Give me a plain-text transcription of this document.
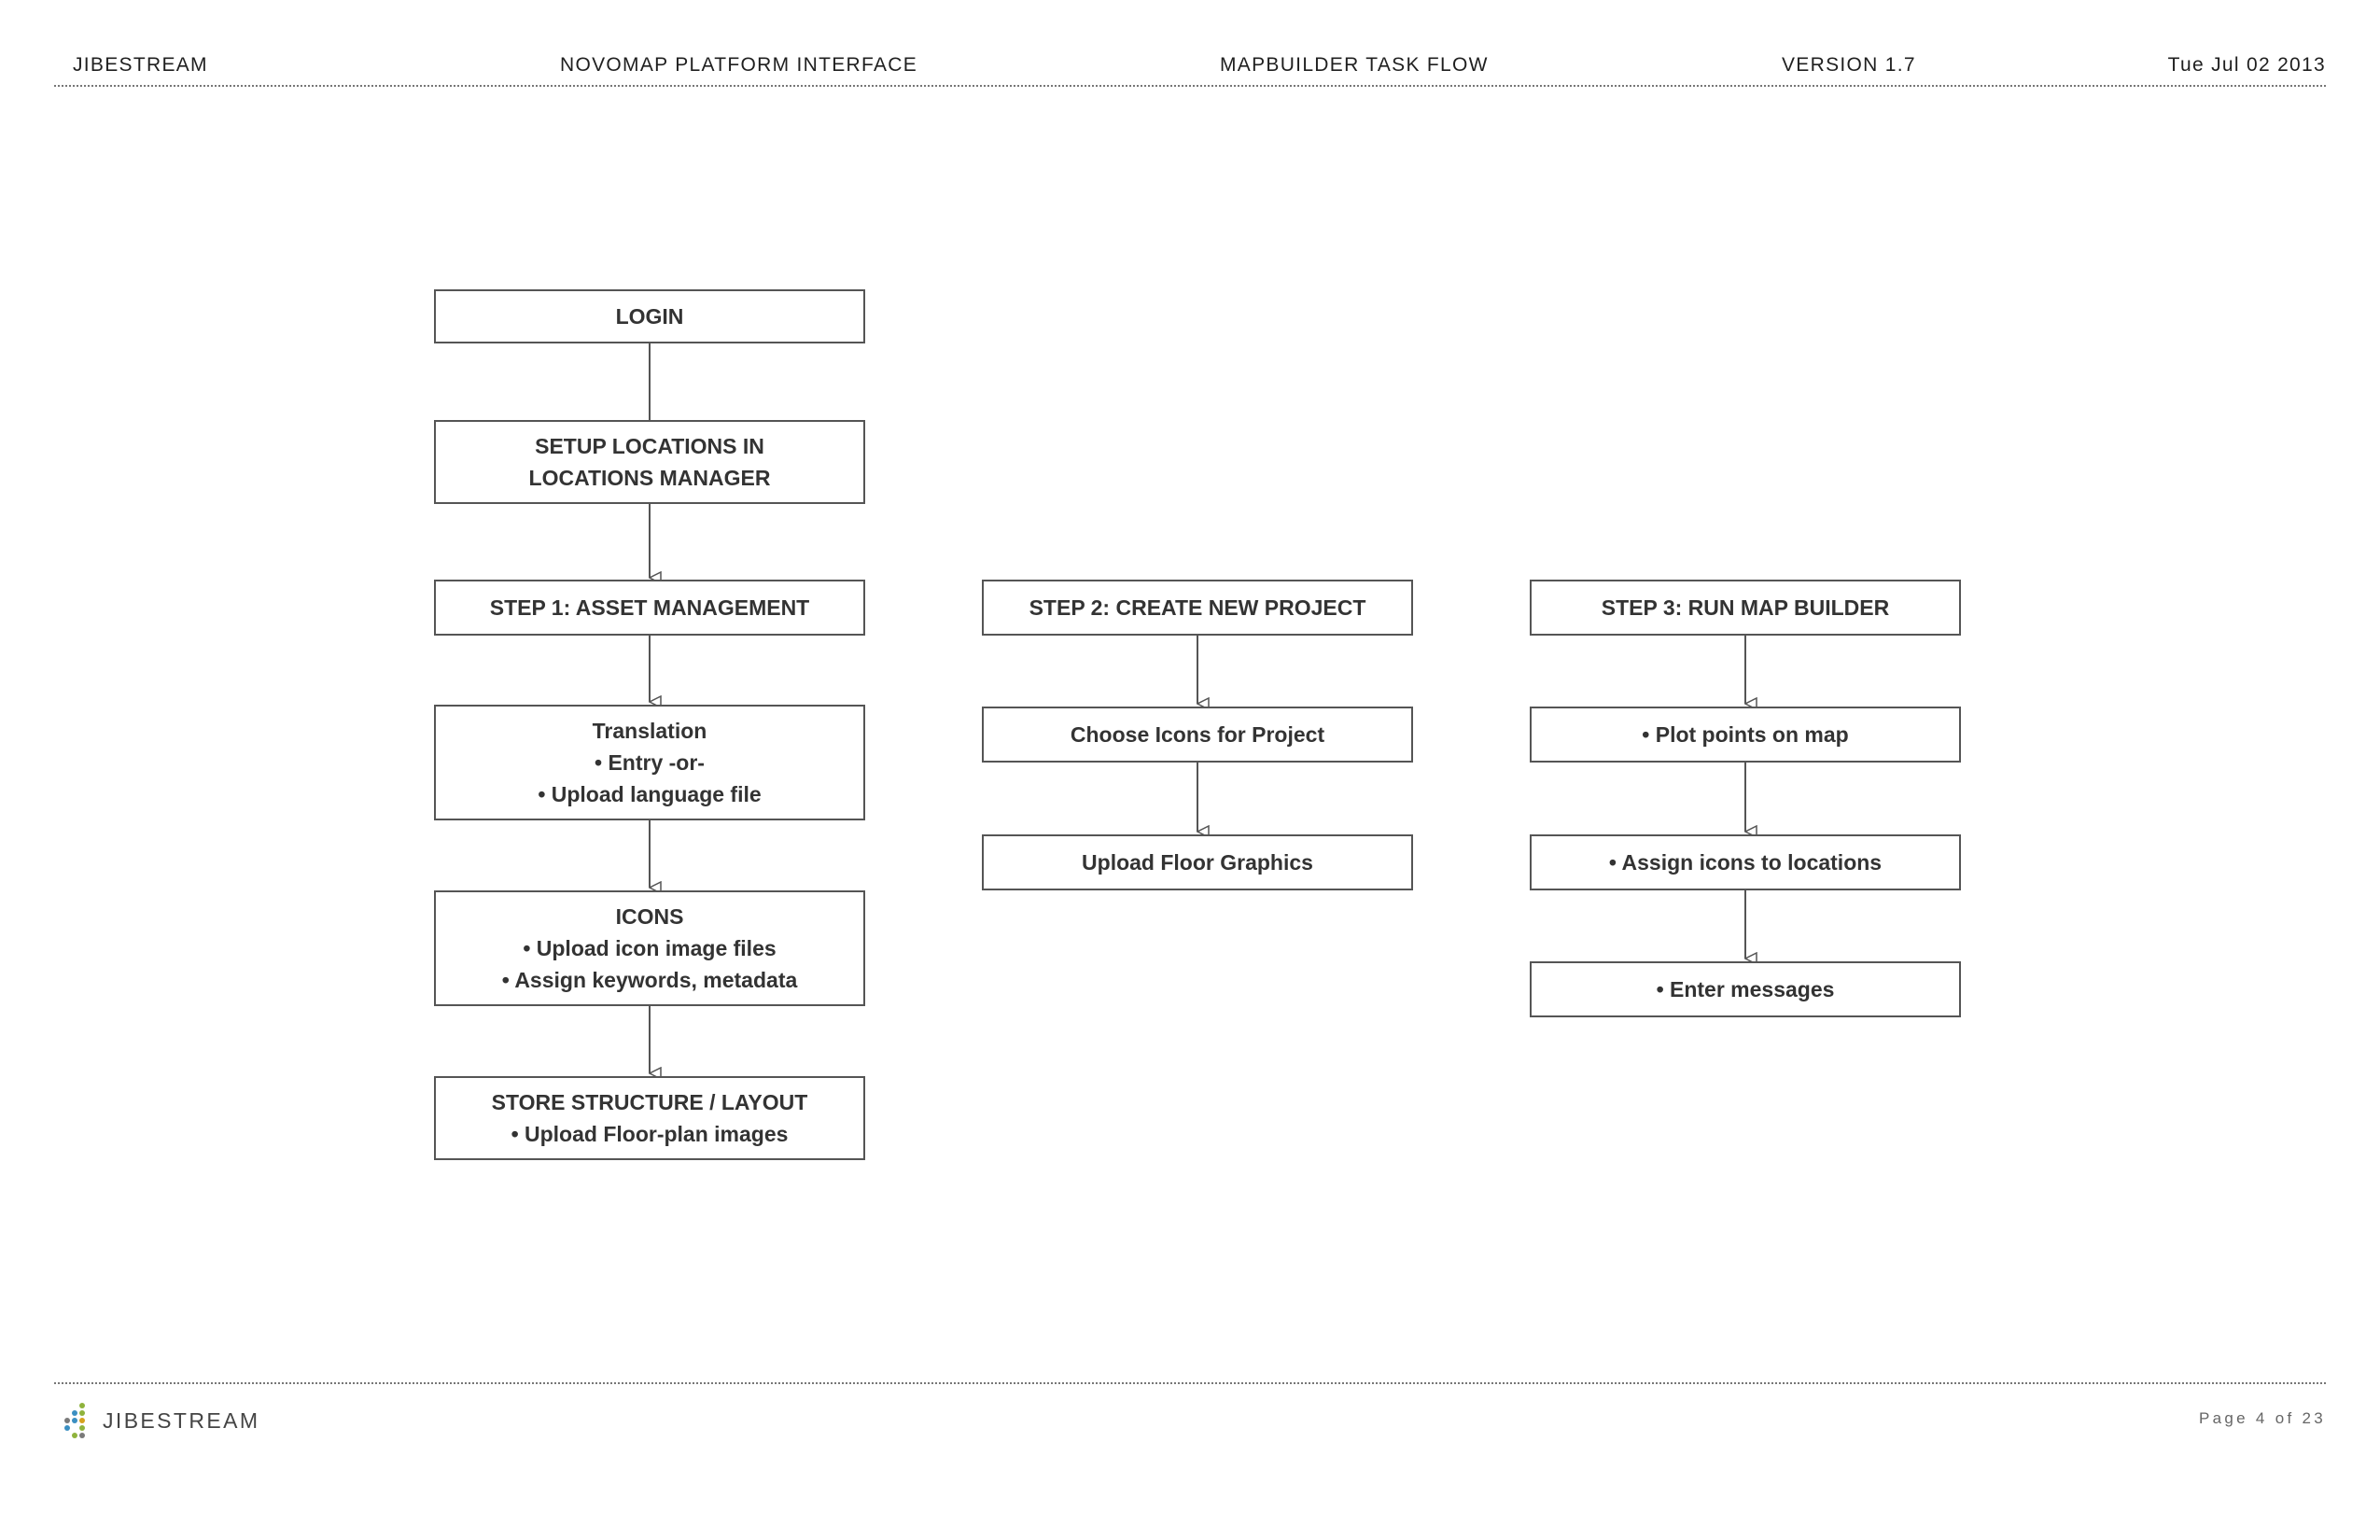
JIBESTREAM	NOVOMAP PLATFORM INTERFACE	MAPBUILDER TASK FLOW	VERSION 1.7	Tue Jul 02 2013
LOGIN
SETUP LOCATIONS IN
LOCATIONS MANAGER
STEP 1: ASSET MANAGEMENT
Translation
• Entry -or-
• Upload language file
ICONS
• Upload icon image files
• Assign keywords, metadata
STORE STRUCTURE / LAYOUT
• Upload Floor-plan images
STEP 2: CREATE NEW PROJECT
Choose Icons for Project
Upload Floor Graphics
STEP 3: RUN MAP BUILDER
• Plot points on map
• Assign icons to locations
• Enter messages
JIBESTREAM	Page 4 of 23
